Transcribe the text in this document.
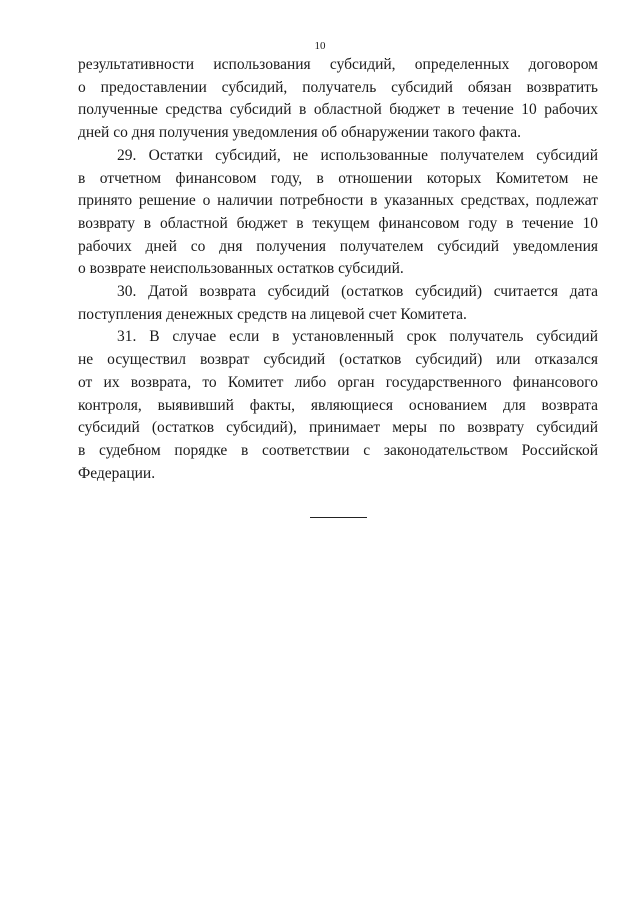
10
результативности использования субсидий, определенных договором
о предоставлении субсидий, получатель субсидий обязан возвратить
полученные средства субсидий в областной бюджет в течение 10 рабочих
дней со дня получения уведомления об обнаружении такого факта.
29. Остатки субсидий, не использованные получателем субсидий
в отчетном финансовом году, в отношении которых Комитетом не
принято решение о наличии потребности в указанных средствах, подлежат
возврату в областной бюджет в текущем финансовом году в течение 10
рабочих дней со дня получения получателем субсидий уведомления
о возврате неиспользованных остатков субсидий.
30. Датой возврата субсидий (остатков субсидий) считается дата
поступления денежных средств на лицевой счет Комитета.
31. В случае если в установленный срок получатель субсидий
не осуществил возврат субсидий (остатков субсидий) или отказался
от их возврата, то Комитет либо орган государственного финансового
контроля, выявивший факты, являющиеся основанием для возврата
субсидий (остатков субсидий), принимает меры по возврату субсидий
в судебном порядке в соответствии с законодательством Российской
Федерации.
